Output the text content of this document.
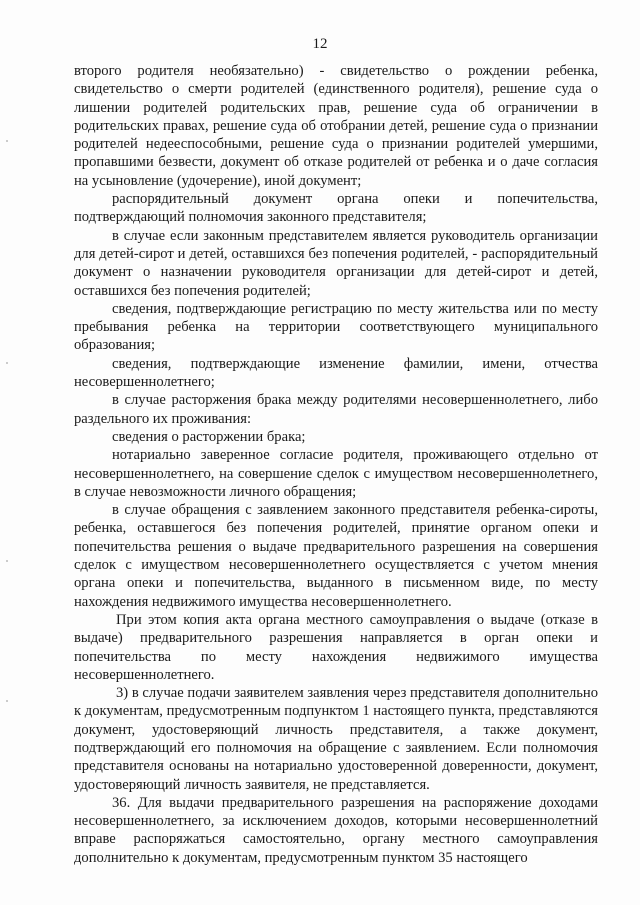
12

второго родителя необязательно) - свидетельство о рождении ребенка, свидетельство о смерти родителей (единственного родителя), решение суда о лишении родителей родительских прав, решение суда об ограничении в родительских правах, решение суда об отобрании детей, решение суда о признании родителей недееспособными, решение суда о признании родителей умершими, пропавшими безвести, документ об отказе родителей от ребенка и о даче согласия на усыновление (удочерение), иной документ;

распорядительный документ органа опеки и попечительства, подтверждающий полномочия законного представителя;

в случае если законным представителем является руководитель организации для детей-сирот и детей, оставшихся без попечения родителей, - распорядительный документ о назначении руководителя организации для детей-сирот и детей, оставшихся без попечения родителей;

сведения, подтверждающие регистрацию по месту жительства или по месту пребывания ребенка на территории соответствующего муниципального образования;

сведения, подтверждающие изменение фамилии, имени, отчества несовершеннолетнего;

в случае расторжения брака между родителями несовершеннолетнего, либо раздельного их проживания:

сведения о расторжении брака;

нотариально заверенное согласие родителя, проживающего отдельно от несовершеннолетнего, на совершение сделок с имуществом несовершеннолетнего, в случае невозможности личного обращения;

в случае обращения с заявлением законного представителя ребенка-сироты, ребенка, оставшегося без попечения родителей, принятие органом опеки и попечительства решения о выдаче предварительного разрешения на совершения сделок с имуществом несовершеннолетнего осуществляется с учетом мнения органа опеки и попечительства, выданного в письменном виде, по месту нахождения недвижимого имущества несовершеннолетнего.

При этом копия акта органа местного самоуправления о выдаче (отказе в выдаче) предварительного разрешения направляется в орган опеки и попечительства по месту нахождения недвижимого имущества несовершеннолетнего.

3) в случае подачи заявителем заявления через представителя дополнительно к документам, предусмотренным подпунктом 1 настоящего пункта, представляются документ, удостоверяющий личность представителя, а также документ, подтверждающий его полномочия на обращение с заявлением. Если полномочия представителя основаны на нотариально удостоверенной доверенности, документ, удостоверяющий личность заявителя, не представляется.

36. Для выдачи предварительного разрешения на распоряжение доходами несовершеннолетнего, за исключением доходов, которыми несовершеннолетний вправе распоряжаться самостоятельно, органу местного самоуправления дополнительно к документам, предусмотренным пунктом 35 настоящего
